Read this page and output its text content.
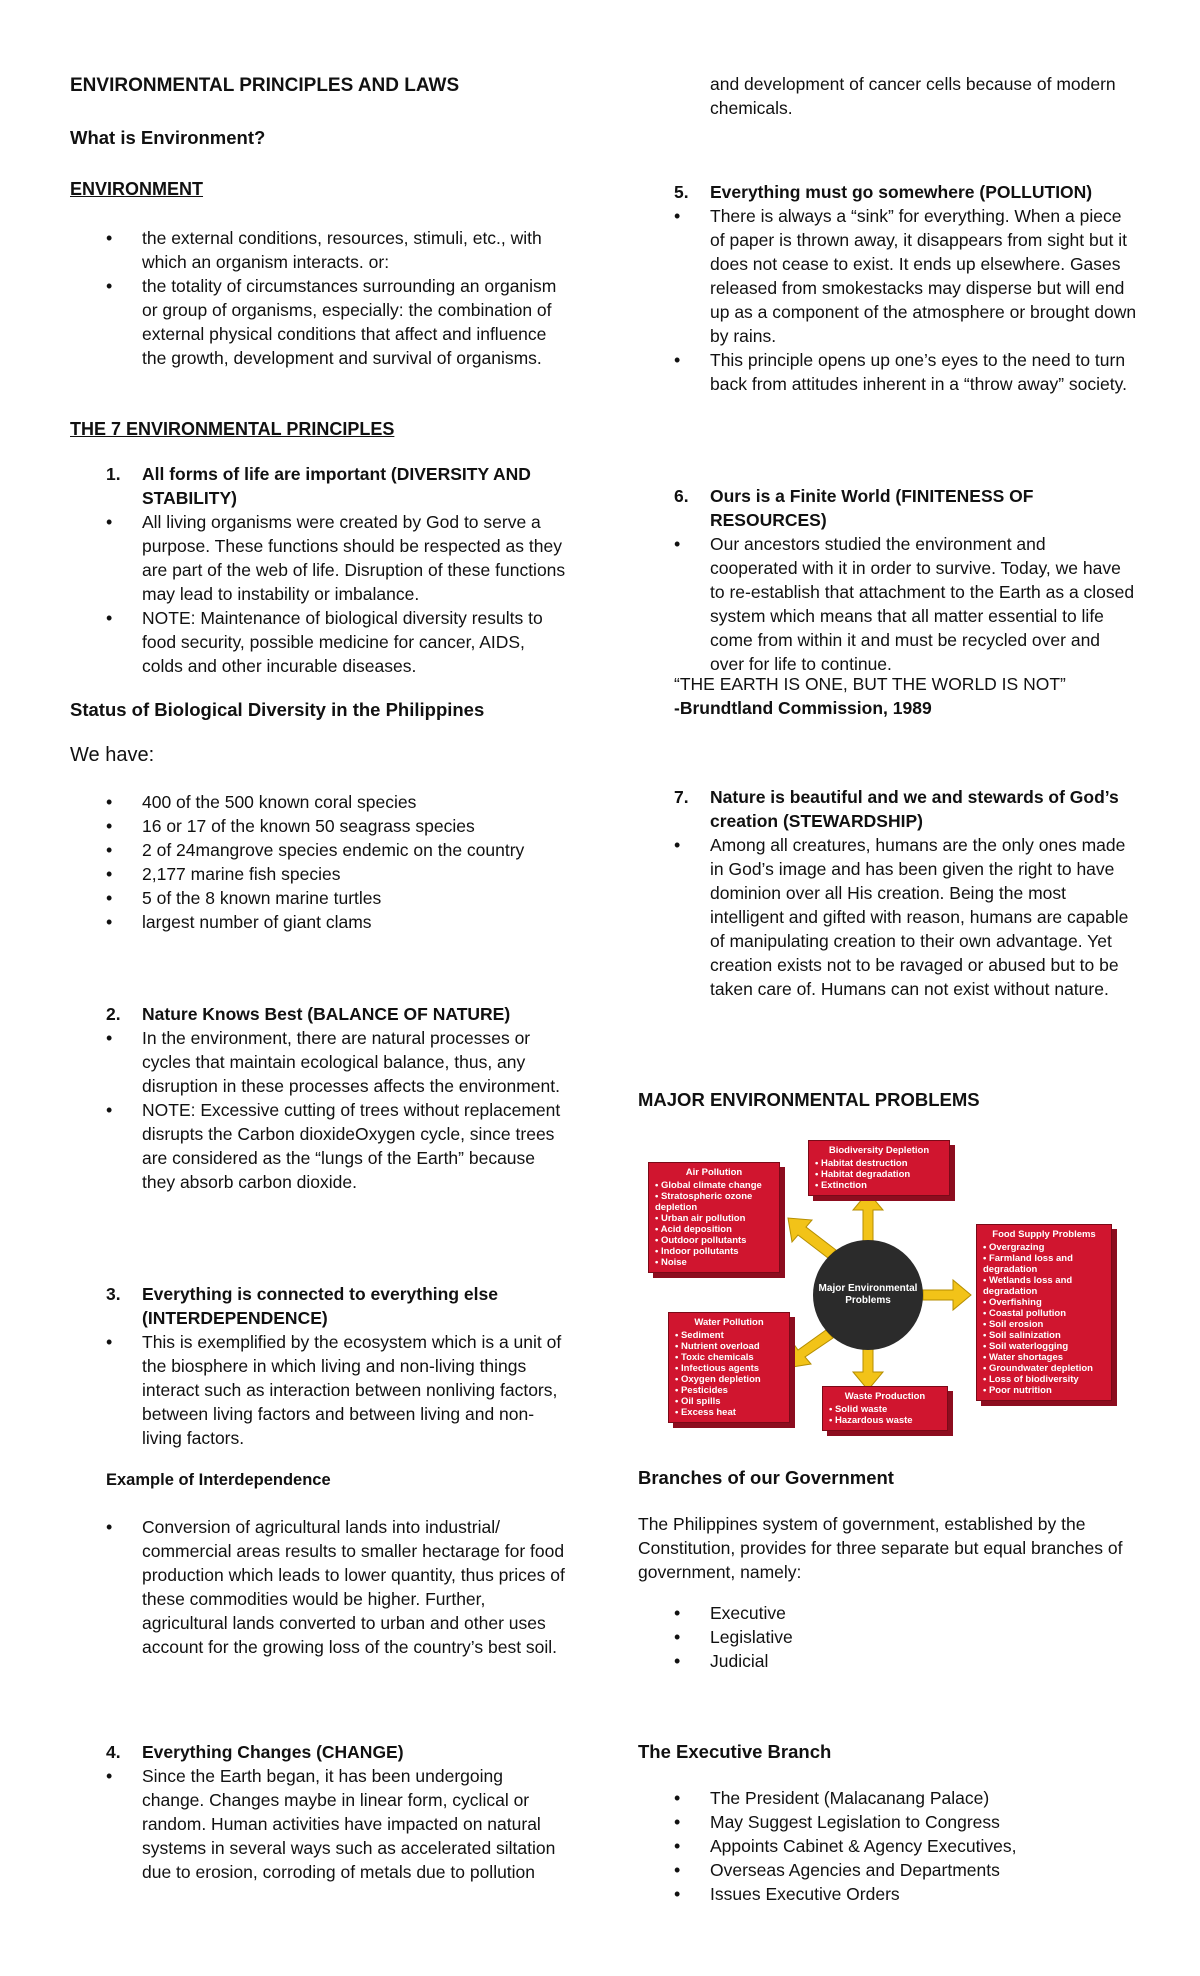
ENVIRONMENTAL PRINCIPLES AND LAWS
What is Environment?
ENVIRONMENT
• the external conditions, resources, stimuli, etc., with which an organism interacts. or:
• the totality of circumstances surrounding an organism or group of organisms, especially: the combination of external physical conditions that affect and influence the growth, development and survival of organisms.
THE 7 ENVIRONMENTAL PRINCIPLES
1. All forms of life are important (DIVERSITY AND STABILITY)
• All living organisms were created by God to serve a purpose. These functions should be respected as they are part of the web of life. Disruption of these functions may lead to instability or imbalance.
• NOTE: Maintenance of biological diversity results to food security, possible medicine for cancer, AIDS, colds and other incurable diseases.
Status of Biological Diversity in the Philippines
We have:
• 400 of the 500 known coral species
• 16 or 17 of the known 50 seagrass species
• 2 of 24mangrove species endemic on the country
• 2,177 marine fish species
• 5 of the 8 known marine turtles
• largest number of giant clams
2. Nature Knows Best (BALANCE OF NATURE)
• In the environment, there are natural processes or cycles that maintain ecological balance, thus, any disruption in these processes affects the environment.
• NOTE: Excessive cutting of trees without replacement disrupts the Carbon dioxideOxygen cycle, since trees are considered as the “lungs of the Earth” because they absorb carbon dioxide.
3. Everything is connected to everything else (INTERDEPENDENCE)
• This is exemplified by the ecosystem which is a unit of the biosphere in which living and non-living things interact such as interaction between nonliving factors, between living factors and between living and non-living factors.
Example of Interdependence
• Conversion of agricultural lands into industrial/ commercial areas results to smaller hectarage for food production which leads to lower quantity, thus prices of these commodities would be higher. Further, agricultural lands converted to urban and other uses account for the growing loss of the country’s best soil.
4. Everything Changes (CHANGE)
• Since the Earth began, it has been undergoing change. Changes maybe in linear form, cyclical or random. Human activities have impacted on natural systems in several ways such as accelerated siltation due to erosion, corroding of metals due to pollution
and development of cancer cells because of modern chemicals.
5. Everything must go somewhere (POLLUTION)
• There is always a “sink” for everything. When a piece of paper is thrown away, it disappears from sight but it does not cease to exist. It ends up elsewhere. Gases released from smokestacks may disperse but will end up as a component of the atmosphere or brought down by rains.
• This principle opens up one’s eyes to the need to turn back from attitudes inherent in a “throw away” society.
6. Ours is a Finite World (FINITENESS OF RESOURCES)
• Our ancestors studied the environment and cooperated with it in order to survive. Today, we have to re-establish that attachment to the Earth as a closed system which means that all matter essential to life come from within it and must be recycled over and over for life to continue.
“THE EARTH IS ONE, BUT THE WORLD IS NOT”
-Brundtland Commission, 1989
7. Nature is beautiful and we and stewards of God’s creation (STEWARDSHIP)
• Among all creatures, humans are the only ones made in God’s image and has been given the right to have dominion over all His creation. Being the most intelligent and gifted with reason, humans are capable of manipulating creation to their own advantage. Yet creation exists not to be ravaged or abused but to be taken care of. Humans can not exist without nature.
MAJOR ENVIRONMENTAL PROBLEMS
Air Pollution
• Global climate change
• Stratospheric ozone depletion
• Urban air pollution
• Acid deposition
• Outdoor pollutants
• Indoor pollutants
• Noise
Biodiversity Depletion
• Habitat destruction
• Habitat degradation
• Extinction
Food Supply Problems
• Overgrazing
• Farmland loss and degradation
• Wetlands loss and degradation
• Overfishing
• Coastal pollution
• Soil erosion
• Soil salinization
• Soil waterlogging
• Water shortages
• Groundwater depletion
• Loss of biodiversity
• Poor nutrition
Major Environmental Problems
Water Pollution
• Sediment
• Nutrient overload
• Toxic chemicals
• Infectious agents
• Oxygen depletion
• Pesticides
• Oil spills
• Excess heat
Waste Production
• Solid waste
• Hazardous waste
Branches of our Government
The Philippines system of government, established by the Constitution, provides for three separate but equal branches of government, namely:
• Executive
• Legislative
• Judicial
The Executive Branch
• The President (Malacanang Palace)
• May Suggest Legislation to Congress
• Appoints Cabinet & Agency Executives,
• Overseas Agencies and Departments
• Issues Executive Orders
